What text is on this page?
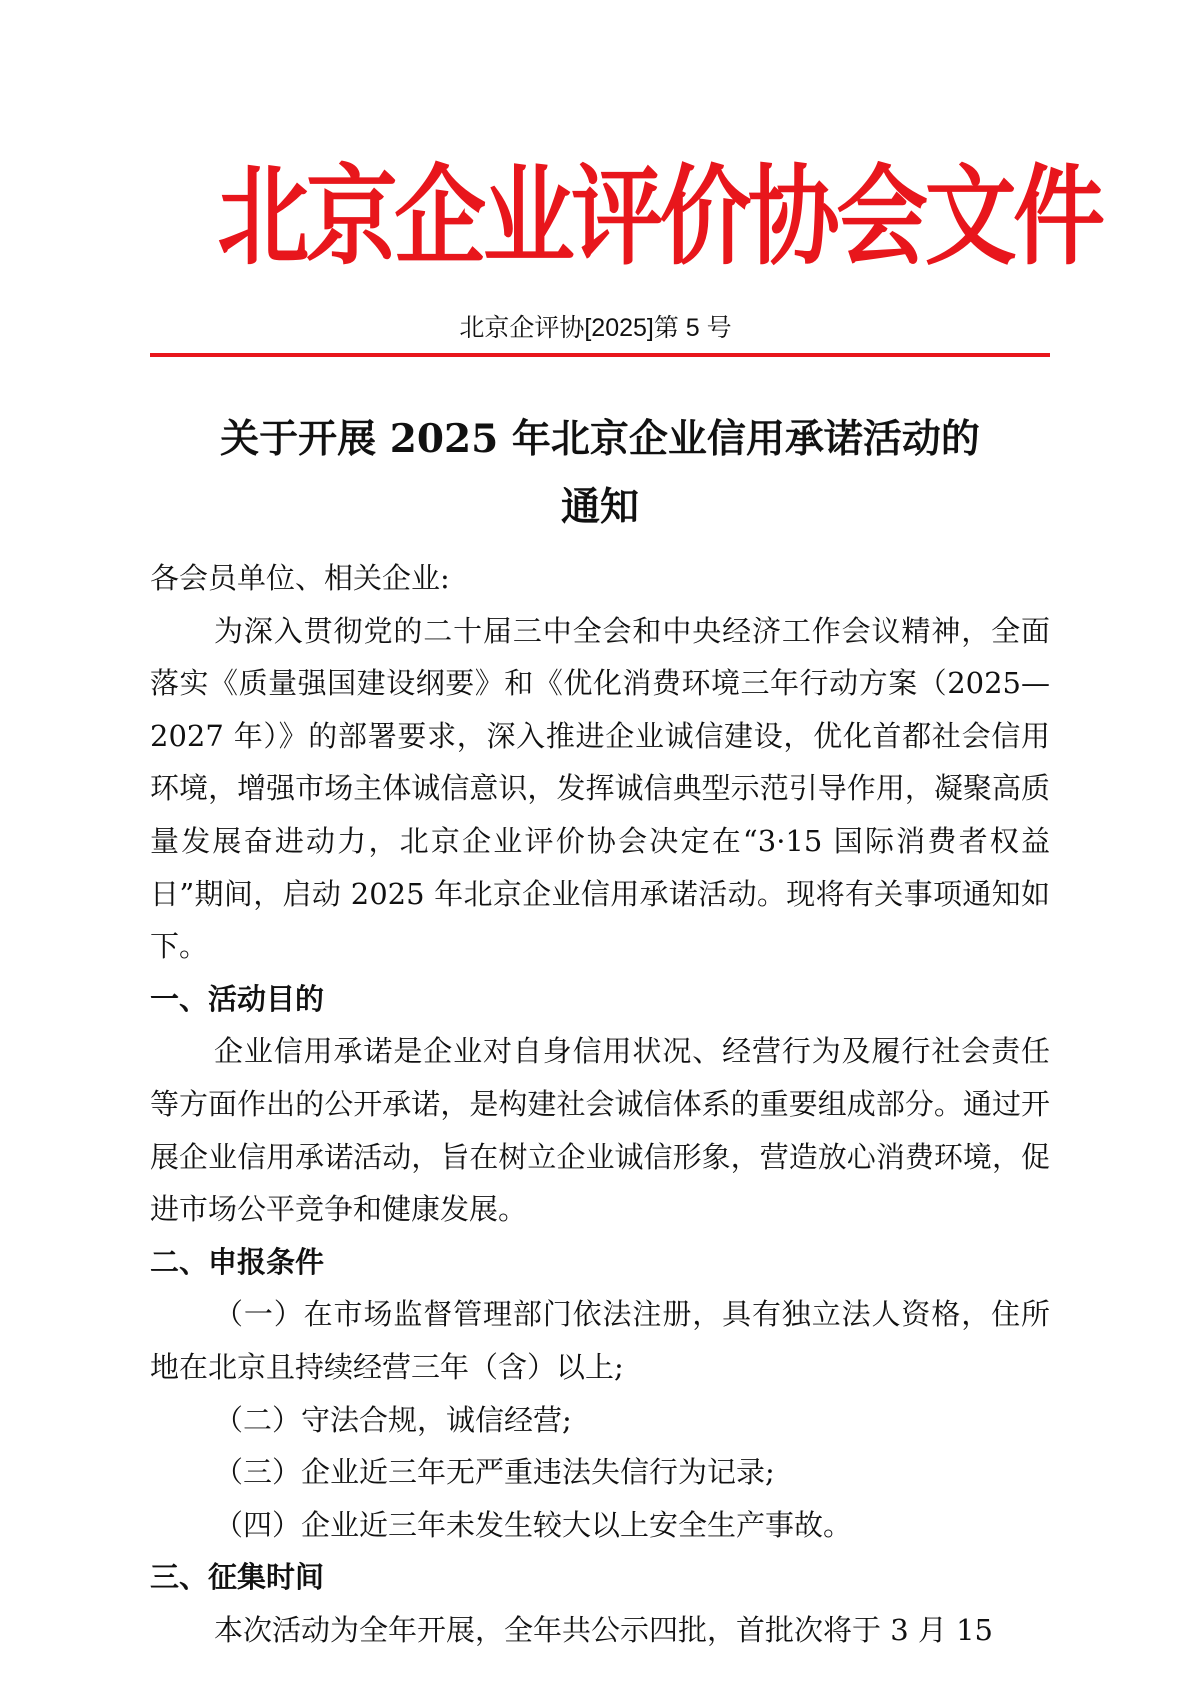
北京企业评价协会文件
北京企评协[2025]第 5 号
关于开展 2025 年北京企业信用承诺活动的
通知

各会员单位、相关企业:

为深入贯彻党的二十届三中全会和中央经济工作会议精神，全面落实《质量强国建设纲要》和《优化消费环境三年行动方案（2025—2027 年）》的部署要求，深入推进企业诚信建设，优化首都社会信用环境，增强市场主体诚信意识，发挥诚信典型示范引导作用，凝聚高质量发展奋进动力，北京企业评价协会决定在“3·15 国际消费者权益日”期间，启动 2025 年北京企业信用承诺活动。现将有关事项通知如下。

一、活动目的

企业信用承诺是企业对自身信用状况、经营行为及履行社会责任等方面作出的公开承诺，是构建社会诚信体系的重要组成部分。通过开展企业信用承诺活动，旨在树立企业诚信形象，营造放心消费环境，促进市场公平竞争和健康发展。

二、申报条件

（一）在市场监督管理部门依法注册，具有独立法人资格，住所地在北京且持续经营三年（含）以上;

（二）守法合规，诚信经营;

（三）企业近三年无严重违法失信行为记录;

（四）企业近三年未发生较大以上安全生产事故。

三、征集时间

本次活动为全年开展，全年共公示四批，首批次将于 3 月 15
